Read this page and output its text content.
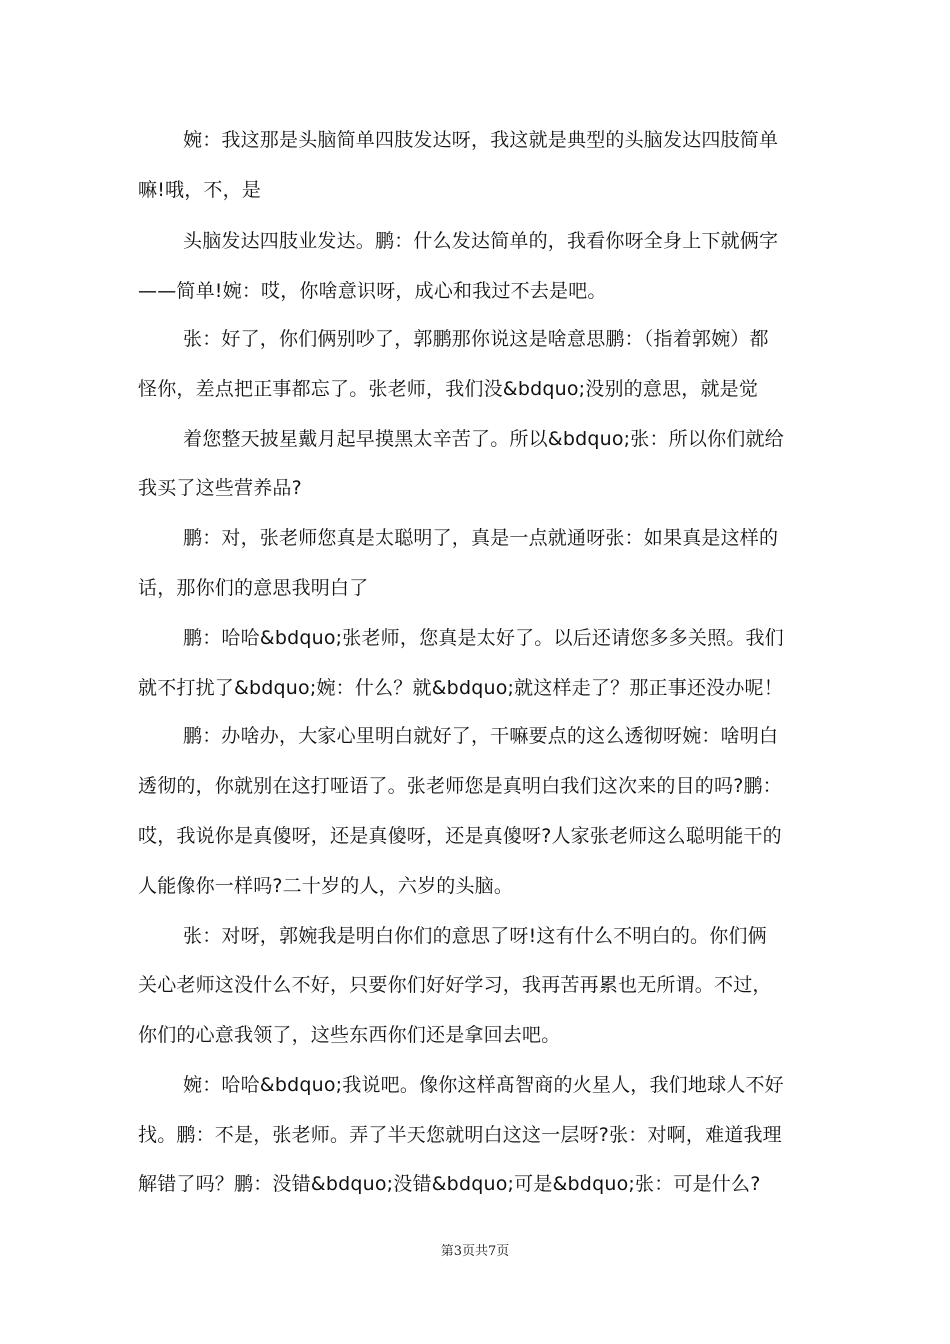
婉：我这那是头脑简单四肢发达呀，我这就是典型的头脑发达四肢简单
嘛!哦，不，是
头脑发达四肢业发达。鹏：什么发达简单的，我看你呀全身上下就俩字
——简单!婉：哎，你啥意识呀，成心和我过不去是吧。
张：好了，你们俩别吵了，郭鹏那你说这是啥意思鹏：（指着郭婉）都
怪你，差点把正事都忘了。张老师，我们没&bdquo;没别的意思，就是觉
着您整天披星戴月起早摸黑太辛苦了。所以&bdquo;张：所以你们就给
我买了这些营养品?
鹏：对，张老师您真是太聪明了，真是一点就通呀张：如果真是这样的
话，那你们的意思我明白了
鹏：哈哈&bdquo;张老师，您真是太好了。以后还请您多多关照。我们
就不打扰了&bdquo;婉：什么？就&bdquo;就这样走了？那正事还没办呢！
鹏：办啥办，大家心里明白就好了，干嘛要点的这么透彻呀婉：啥明白
透彻的，你就别在这打哑语了。张老师您是真明白我们这次来的目的吗?鹏：
哎，我说你是真傻呀，还是真傻呀，还是真傻呀?人家张老师这么聪明能干的
人能像你一样吗?二十岁的人，六岁的头脑。
张：对呀，郭婉我是明白你们的意思了呀!这有什么不明白的。你们俩
关心老师这没什么不好，只要你们好好学习，我再苦再累也无所谓。不过，
你们的心意我领了，这些东西你们还是拿回去吧。
婉：哈哈&bdquo;我说吧。像你这样髙智商的火星人，我们地球人不好
找。鹏：不是，张老师。弄了半天您就明白这这一层呀?张：对啊，难道我理
解错了吗？鹏：没错&bdquo;没错&bdquo;可是&bdquo;张：可是什么?
第3页共7页
